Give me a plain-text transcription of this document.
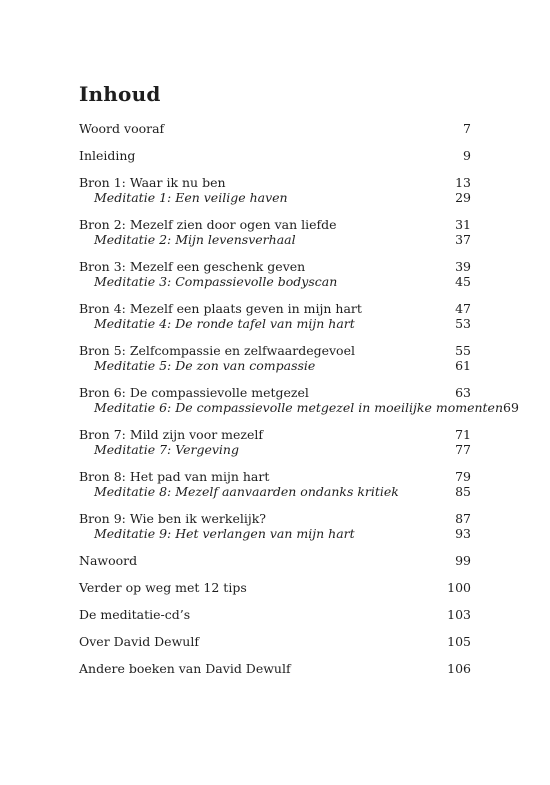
Inhoud
Woord vooraf	7
Inleiding	9
Bron 1: Waar ik nu ben	13
Meditatie 1: Een veilige haven	29
Bron 2: Mezelf zien door ogen van liefde	31
Meditatie 2: Mijn levensverhaal	37
Bron 3: Mezelf een geschenk geven	39
Meditatie 3: Compassievolle bodyscan	45
Bron 4: Mezelf een plaats geven in mijn hart	47
Meditatie 4: De ronde tafel van mijn hart	53
Bron 5: Zelfcompassie en zelfwaardegevoel	55
Meditatie 5: De zon van compassie	61
Bron 6: De compassievolle metgezel	63
Meditatie 6: De compassievolle metgezel in moeilijke momenten 69
Bron 7: Mild zijn voor mezelf	71
Meditatie 7: Vergeving	77
Bron 8: Het pad van mijn hart	79
Meditatie 8: Mezelf aanvaarden ondanks kritiek	85
Bron 9: Wie ben ik werkelijk?	87
Meditatie 9: Het verlangen van mijn hart	93
Nawoord	99
Verder op weg met 12 tips	100
De meditatie-cd’s	103
Over David Dewulf	105
Andere boeken van David Dewulf	106
